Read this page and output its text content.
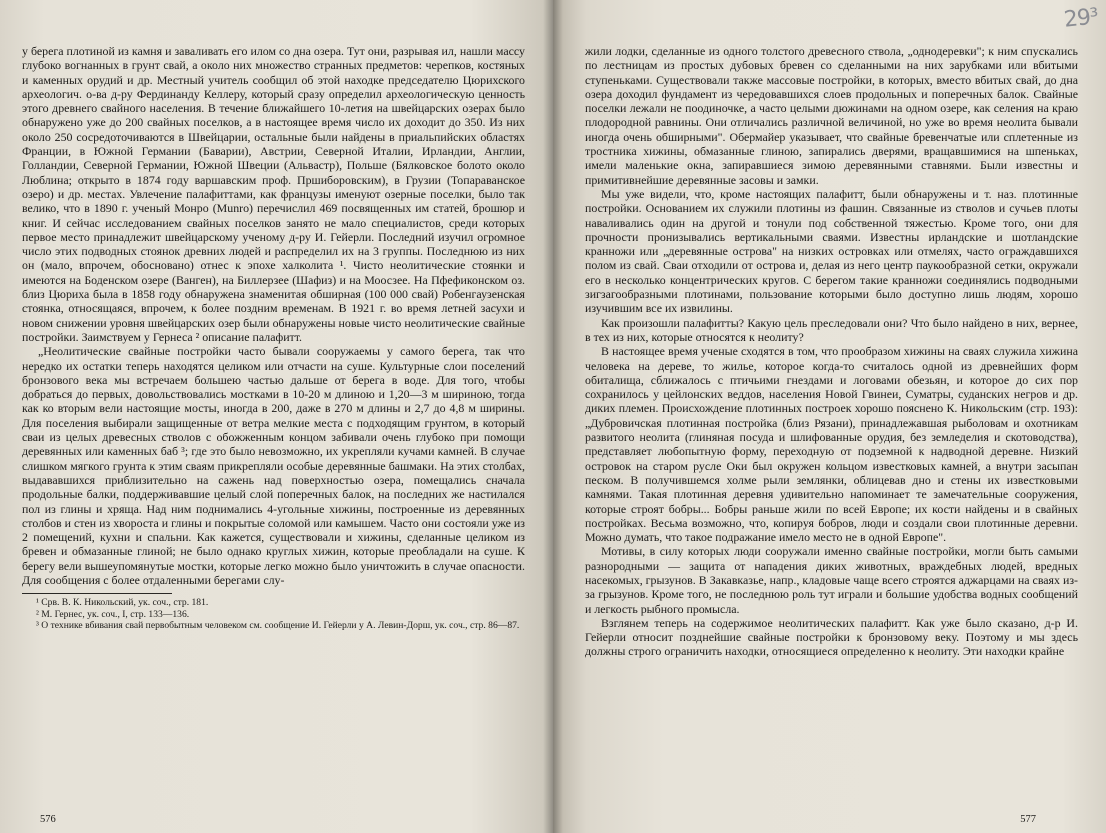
у берега плотиной из камня и заваливать его илом со дна озера. Тут они, разрывая ил, нашли массу глубоко вогнанных в грунт свай, а около них множество странных предметов: черепков, костяных и каменных орудий и др. Местный учитель сообщил об этой находке председателю Цюрихского археологич. о-ва д-ру Фердинанду Келлеру, который сразу определил археологическую ценность этого древнего свайного населения. В течение ближайшего 10-летия на швейцарских озерах было обнаружено уже до 200 свайных поселков, а в настоящее время число их доходит до 350. Из них около 250 сосредоточиваются в Швейцарии, остальные были найдены в приальпийских областях Франции, в Южной Германии (Баварии), Австрии, Северной Италии, Ирландии, Англии, Голландии, Северной Германии, Южной Швеции (Альвастр), Польше (Бялковское болото около Люблина; открыто в 1874 году варшавским проф. Пршиборовским), в Грузии (Топараванское озеро) и др. местах. Увлечение палафиттами, как французы именуют озерные поселки, было так велико, что в 1890 г. ученый Монро (Munro) перечислил 469 посвященных им статей, брошюр и книг. И сейчас исследованием свайных поселков занято не мало специалистов, среди которых первое место принадлежит швейцарскому ученому д-ру И. Гейерли. Последний изучил огромное число этих подводных стоянок древних людей и распределил их на 3 группы. Последнюю из них он (мало, впрочем, обосновано) отнес к эпохе халколита ¹. Чисто неолитические стоянки и имеются на Боденском озере (Ванген), на Биллерзее (Шафиз) и на Моосзее. На Пфефиконском оз. близ Цюриха была в 1858 году обнаружена знаменитая обширная (100 000 свай) Робенгаузенская стоянка, относящаяся, впрочем, к более поздним временам. В 1921 г. во время летней засухи и новом снижении уровня швейцарских озер были обнаружены новые чисто неолитические свайные постройки. Заимствуем у Гернеса ² описание палафитт.

„Неолитические свайные постройки часто бывали сооружаемы у самого берега, так что нередко их остатки теперь находятся целиком или отчасти на суше. Культурные слои поселений бронзового века мы встречаем большею частью дальше от берега в воде. Для того, чтобы добраться до первых, довольствовались мостками в 10-20 м длиною и 1,20—3 м шириною, тогда как ко вторым вели настоящие мосты, иногда в 200, даже в 270 м длины и 2,7 до 4,8 м ширины. Для поселения выбирали защищенные от ветра мелкие места с подходящим грунтом, в который сваи из целых древесных стволов с обожженным концом забивали очень глубоко при помощи деревянных или каменных баб ³; где это было невозможно, их укрепляли кучами камней. В случае слишком мягкого грунта к этим сваям прикрепляли особые деревянные башмаки. На этих столбах, выдававшихся приблизительно на сажень над поверхностью озера, помещались сначала продольные балки, поддерживавшие целый слой поперечных балок, на последних же настилался пол из глины и хряща. Над ним поднимались 4-угольные хижины, построенные из деревянных столбов и стен из хвороста и глины и покрытые соломой или камышем. Часто они состояли уже из 2 помещений, кухни и спальни. Как кажется, существовали и хижины, сделанные целиком из бревен и обмазанные глиной; не было однако круглых хижин, которые преобладали на суше. К берегу вели вышеупомянутые мостки, которые легко можно было уничтожить в случае опасности. Для сообщения с более отдаленными берегами слу-

¹ Срв. В. К. Никольский, ук. соч., стр. 181.

² М. Гернес, ук. соч., I, стр. 133—136.

³ О технике вбивания свай первобытным человеком см. сообщение И. Гейерли у А. Левин-Дорш, ук. соч., стр. 86—87.

576
29³

жили лодки, сделанные из одного толстого древесного ствола, „однодеревки"; к ним спускались по лестницам из простых дубовых бревен со сделанными на них зарубками или вбитыми ступеньками. Существовали также массовые постройки, в которых, вместо вбитых свай, до дна озера доходил фундамент из чередовавшихся слоев продольных и поперечных балок. Свайные поселки лежали не поодиночке, а часто целыми дюжинами на одном озере, как селения на краю плодородной равнины. Они отличались различной величиной, но уже во время неолита бывали иногда очень обширными". Обермайер указывает, что свайные бревенчатые или сплетенные из тростника хижины, обмазанные глиною, запирались дверями, вращавшимися на шпеньках, имели маленькие окна, запиравшиеся зимою деревянными ставнями. Были известны и примитивнейшие деревянные засовы и замки.

Мы уже видели, что, кроме настоящих палафитт, были обнаружены и т. наз. плотинные постройки. Основанием их служили плотины из фашин. Связанные из стволов и сучьев плоты наваливались один на другой и тонули под собственной тяжестью. Кроме того, они для прочности пронизывались вертикальными сваями. Известны ирландские и шотландские кранножи или „деревянные острова" на низких островках или отмелях, часто ограждавшихся полом из свай. Сваи отходили от острова и, делая из него центр паукообразной сетки, окружали его в несколько концентрических кругов. С берегом такие кранножи соединялись подводными зигзагообразными плотинами, пользование которыми было доступно лишь людям, хорошо изучившим все их извилины.

Как произошли палафитты? Какую цель преследовали они? Что было найдено в них, вернее, в тех из них, которые относятся к неолиту?

В настоящее время ученые сходятся в том, что прообразом хижины на сваях служила хижина человека на дереве, то жилье, которое когда-то считалось одной из древнейших форм обиталища, сближалось с птичьими гнездами и логовами обезьян, и которое до сих пор сохранилось у цейлонских веддов, населения Новой Гвинеи, Суматры, суданских негров и др. диких племен. Происхождение плотинных построек хорошо пояснено К. Никольским (стр. 193): „Дубровичская плотинная постройка (близ Рязани), принадлежавшая рыболовам и охотникам развитого неолита (глиняная посуда и шлифованные орудия, без земледелия и скотоводства), представляет любопытную форму, переходную от подземной к надводной деревне. Низкий островок на старом русле Оки был окружен кольцом известковых камней, а внутри засыпан песком. В получившемся холме рыли землянки, облицевав дно и стены их известковыми камнями. Такая плотинная деревня удивительно напоминает те замечательные сооружения, которые строят бобры... Бобры раньше жили по всей Европе; их кости найдены и в свайных постройках. Весьма возможно, что, копируя бобров, люди и создали свои плотинные деревни. Можно думать, что такое подражание имело место не в одной Европе".

Мотивы, в силу которых люди сооружали именно свайные постройки, могли быть самыми разнородными — защита от нападения диких животных, враждебных людей, вредных насекомых, грызунов. В Закавказье, напр., кладовые чаще всего строятся аджарцами на сваях из-за грызунов. Кроме того, не последнюю роль тут играли и большие удобства водных сообщений и легкость рыбного промысла.

Взглянем теперь на содержимое неолитических палафитт. Как уже было сказано, д-р И. Гейерли относит позднейшие свайные постройки к бронзовому веку. Поэтому и мы здесь должны строго ограничить находки, относящиеся определенно к неолиту. Эти находки крайне

577
